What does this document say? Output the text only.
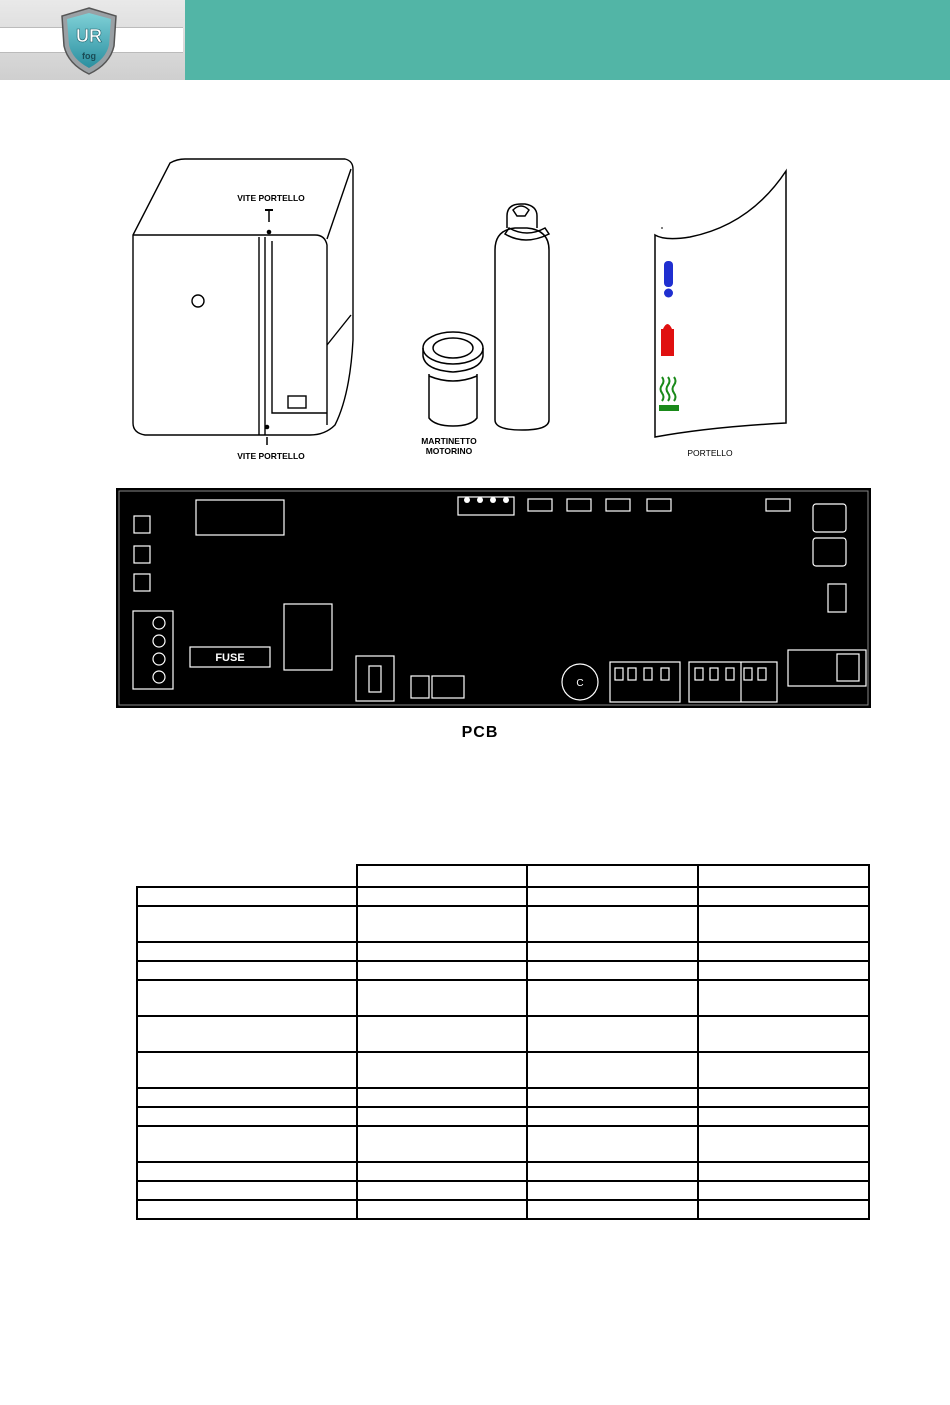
UR
fog
VITE PORTELLO
VITE PORTELLO
MARTINETTO
MOTORINO	PORTELLO
FUSE
C
PCB
